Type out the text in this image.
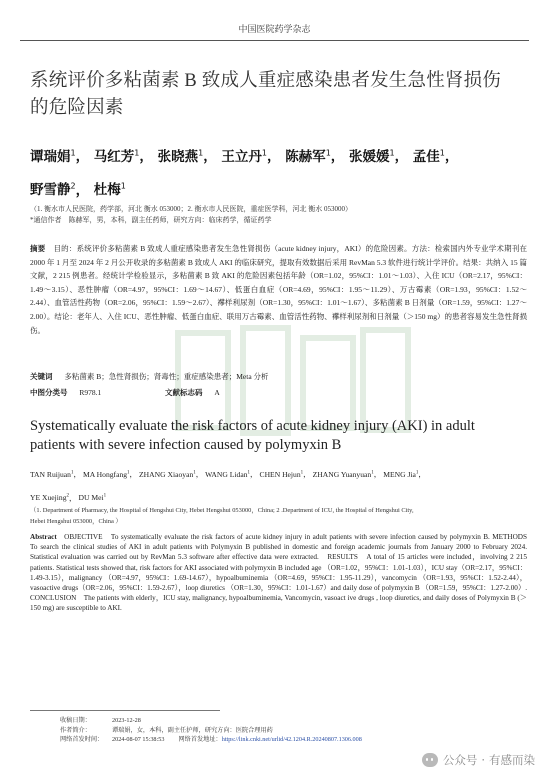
中国医院药学杂志
系统评价多粘菌素 B 致成人重症感染患者发生急性肾损伤
的危险因素
谭瑞娟$^1$， 马红芳$^1$， 张晓燕$^1$， 王立丹$^1$， 陈赫军$^1$， 张媛媛$^1$， 孟佳$^1$，
野雪静$^2$， 杜梅$^1$
（1. 衡水市人民医院，药学部，河北 衡水 053000；2. 衡水市人民医院，重症医学科，河北 衡水 053000）
*通信作者　陈赫军，男，本科，副主任药师，研究方向：临床药学，循证药学
摘要 目的：系统评价多粘菌素 B 致成人重症感染患者发生急性肾损伤（acute kidney injury，AKI）的危险因素。方法：检索国内外专业学术期刊在 2000 年 1 月至 2024 年 2 月公开收录的多粘菌素 B 致成人 AKI 的临床研究，提取有效数据后采用 RevMan 5.3 软件进行统计学评价。结果：共纳入 15 篇文献，2 215 例患者。经统计学检验显示，多粘菌素 B 致 AKI 的危险因素包括年龄（OR=1.02，95%CI：1.01～1.03）、入住 ICU（OR=2.17，95%CI：1.49～3.15）、恶性肿瘤（OR=4.97，95%CI：1.69～14.67）、低蛋白血症（OR=4.69，95%CI：1.95～11.29）、万古霉素（OR=1.93，95%CI：1.52～2.44）、血管活性药物（OR=2.06，95%CI：1.59～2.67）、襻样利尿剂（OR=1.30，95%CI：1.01～1.67）、多粘菌素 B 日剂量（OR=1.59，95%CI：1.27～2.00）。结论：老年人、入住 ICU、恶性肿瘤、低蛋白血症、联用万古霉素、血管活性药物、襻样利尿剂和日剂量（＞150 mg）的患者容易发生急性肾损伤。
关键词 多粘菌素 B；急性肾损伤；肾毒性；重症感染患者；Meta 分析
中图分类号 R978.1	文献标志码 A
Systematically evaluate the risk factors of acute kidney injury (AKI) in adult
patients with severe infection caused by polymyxin B
TAN Ruijuan$^1$， MA Hongfang$^1$， ZHANG Xiaoyan$^1$， WANG Lidan$^1$， CHEN Hejun$^1$， ZHANG Yuanyuan$^1$， MENG Jia$^1$，
YE Xuejing$^2$， DU Mei$^1$
（1. Department of Pharmacy, the Hospital of Hengshui City, Hebei Hengshui 053000，China; 2 .Department of ICU, the Hospital of Hengshui City,
Hebei Hengshui 053000，China ）
Abstract OBJECTIVE　To systematically evaluate the risk factors of acute kidney injury in adult patients with severe infection caused by polymyxin B. METHODS　To search the clinical studies of AKI in adult patients with Polymyxin B published in domestic and foreign academic journals from January 2000 to February 2024. Statistical evaluation was carried out by RevMan 5.3 software after effective data were extracted.　RESULTS　A total of 15 articles were included，involving 2 215 patients. Statistical tests showed that, risk factors for AKI associated with polymyxin B included age （OR=1.02，95%CI：1.01-1.03），ICU stay（OR=2.17，95%CI：1.49-3.15），malignancy （OR=4.97，95%CI：1.69-14.67），hypoalbuminemia （OR=4.69，95%CI：1.95-11.29），vancomycin （OR=1.93，95%CI：1.52-2.44），vasoactive drugs（OR=2.06，95%CI：1.59-2.67），loop diuretics （OR=1.30，95%CI：1.01-1.67）and daily dose of polymyxin B （OR=1.59，95%CI：1.27-2.00）. CONCLUSION　The patients with elderly，ICU stay, malignancy, hypoalbuminemia, Vancomycin, vasoact ive drugs , loop diuretics, and daily doses of Polymyxin B (＞150 mg) are susceptible to AKI.
收稿日期：	2023-12-28
作者简介：	谭瑞娟，女，本科，副主任护师，研究方向：医院合理用药
网络首发时间： 2024-08-07 15:38:53 网络首发地址：https://link.cnki.net/urlid/42.1204.R.20240807.1306.008
公众号 · 有感而染
